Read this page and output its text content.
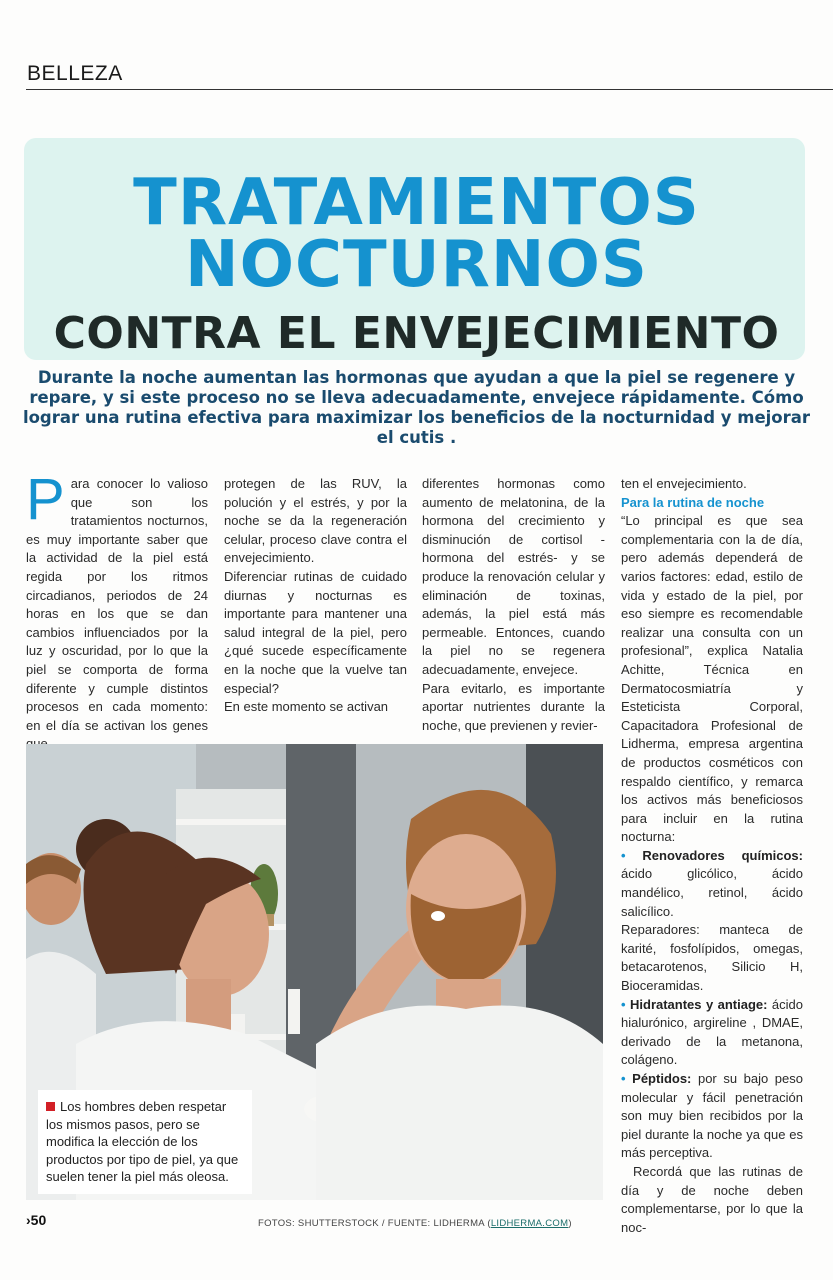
BELLEZA
TRATAMIENTOS
NOCTURNOS
CONTRA EL ENVEJECIMIENTO
Durante la noche aumentan las hormonas que ayudan a que la piel se regenere y repare, y si este proceso no se lleva adecuadamente, envejece rápidamente. Cómo lograr una rutina efectiva para maximizar los beneficios de la nocturnidad y mejorar el cutis .
P ara conocer lo valioso que son los tratamientos nocturnos, es muy importante saber que la actividad de la piel está regida por los ritmos circadianos, periodos de 24 horas en los que se dan cambios influenciados por la luz y oscuridad, por lo que la piel se comporta de forma diferente y cumple distintos procesos en cada momento: en el día se activan los genes

protegen de las RUV, la polución y el estrés, y por la noche se da la regeneración celular, proceso clave contra el envejecimiento.

Diferenciar rutinas de cuidado diurnas y nocturnas es importante para mantener una salud integral de la piel, pero ¿qué sucede específicamente en la noche que la vuelve tan especial?

En este momento se activan

diferentes hormonas como aumento de melatonina, de la hormona del crecimiento y disminución de cortisol -hormona del estrés- y se produce la renovación celular y eliminación de toxinas, además, la piel está más permeable. Entonces, cuando la piel no se regenera adecuadamente, envejece.

Para evitarlo, es importante aportar nutrientes durante la noche, que previenen y revier-

ten el envejecimiento.

Para la rutina de noche

“Lo principal es que sea complementaria con la de día, pero además dependerá de varios factores: edad, estilo de vida y estado de la piel, por eso siempre es recomendable realizar una consulta con un profesional”, explica Natalia Achitte, Técnica en Dermatocosmiatría y Esteticista Corporal, Capacitadora Profesional de Lidherma, empresa argentina de productos cosméticos con respaldo científico, y remarca los activos más beneficiosos para incluir en la rutina nocturna:

• Renovadores químicos: ácido glicólico, ácido mandélico, retinol, ácido salicílico.

Reparadores: manteca de karité, fosfolípidos, omegas, betacarotenos, Silicio H, Bioceramidas.

• Hidratantes y antiage: ácido hialurónico, argireline , DMAE, derivado de la metanona, colágeno.

• Péptidos: por su bajo peso molecular y fácil penetración son muy bien recibidos por la piel durante la noche ya que es más perceptiva.

Recordá que las rutinas de día y de noche deben complementarse, por lo que la noc-

Los hombres deben respetar los mismos pasos, pero se modifica la elección de los productos por tipo de piel, ya que suelen tener la piel más oleosa.
›50	FOTOS: SHUTTERSTOCK / FUENTE: LIDHERMA (LIDHERMA.COM)
